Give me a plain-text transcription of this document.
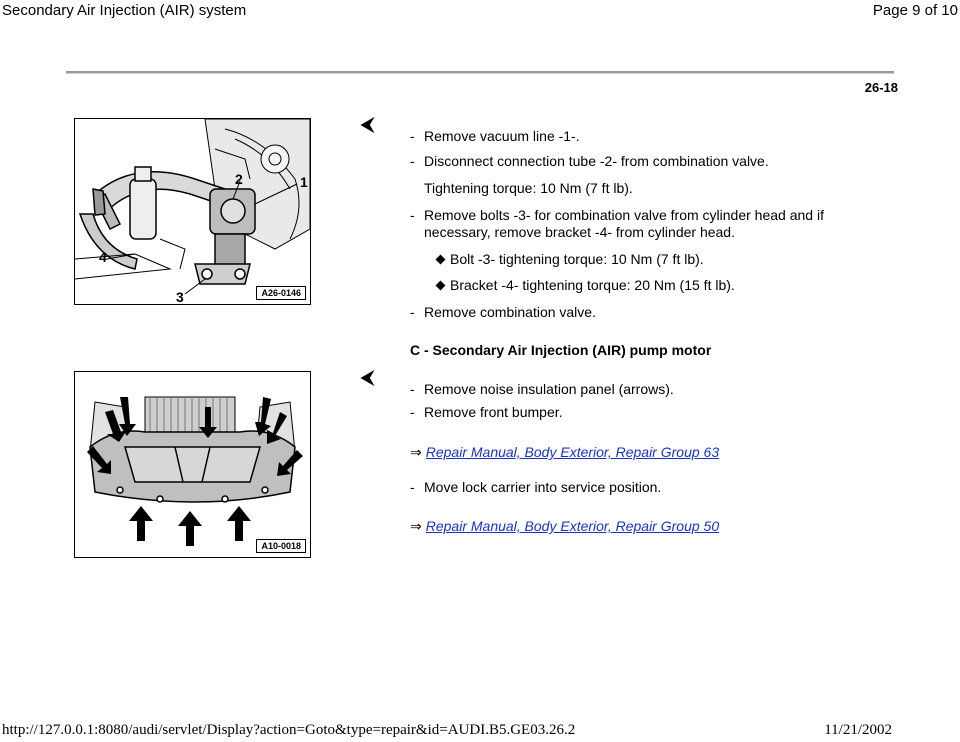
Secondary Air Injection (AIR) system	Page 9 of 10
26-18
1
2
3
4
A26-0146
⮜
- Remove vacuum line -1-.
- Disconnect connection tube -2- from combination valve.
Tightening torque: 10 Nm (7 ft lb).
- Remove bolts -3- for combination valve from cylinder head and if necessary, remove bracket -4- from cylinder head.
Bolt -3- tightening torque: 10 Nm (7 ft lb).
Bracket -4- tightening torque: 20 Nm (15 ft lb).
- Remove combination valve.
C - Secondary Air Injection (AIR) pump motor
A10-0018
⮜
- Remove noise insulation panel (arrows).
- Remove front bumper.
⇒ Repair Manual, Body Exterior, Repair Group 63
- Move lock carrier into service position.
⇒ Repair Manual, Body Exterior, Repair Group 50
http://127.0.0.1:8080/audi/servlet/Display?action=Goto&type=repair&id=AUDI.B5.GE03.26.2	11/21/2002
